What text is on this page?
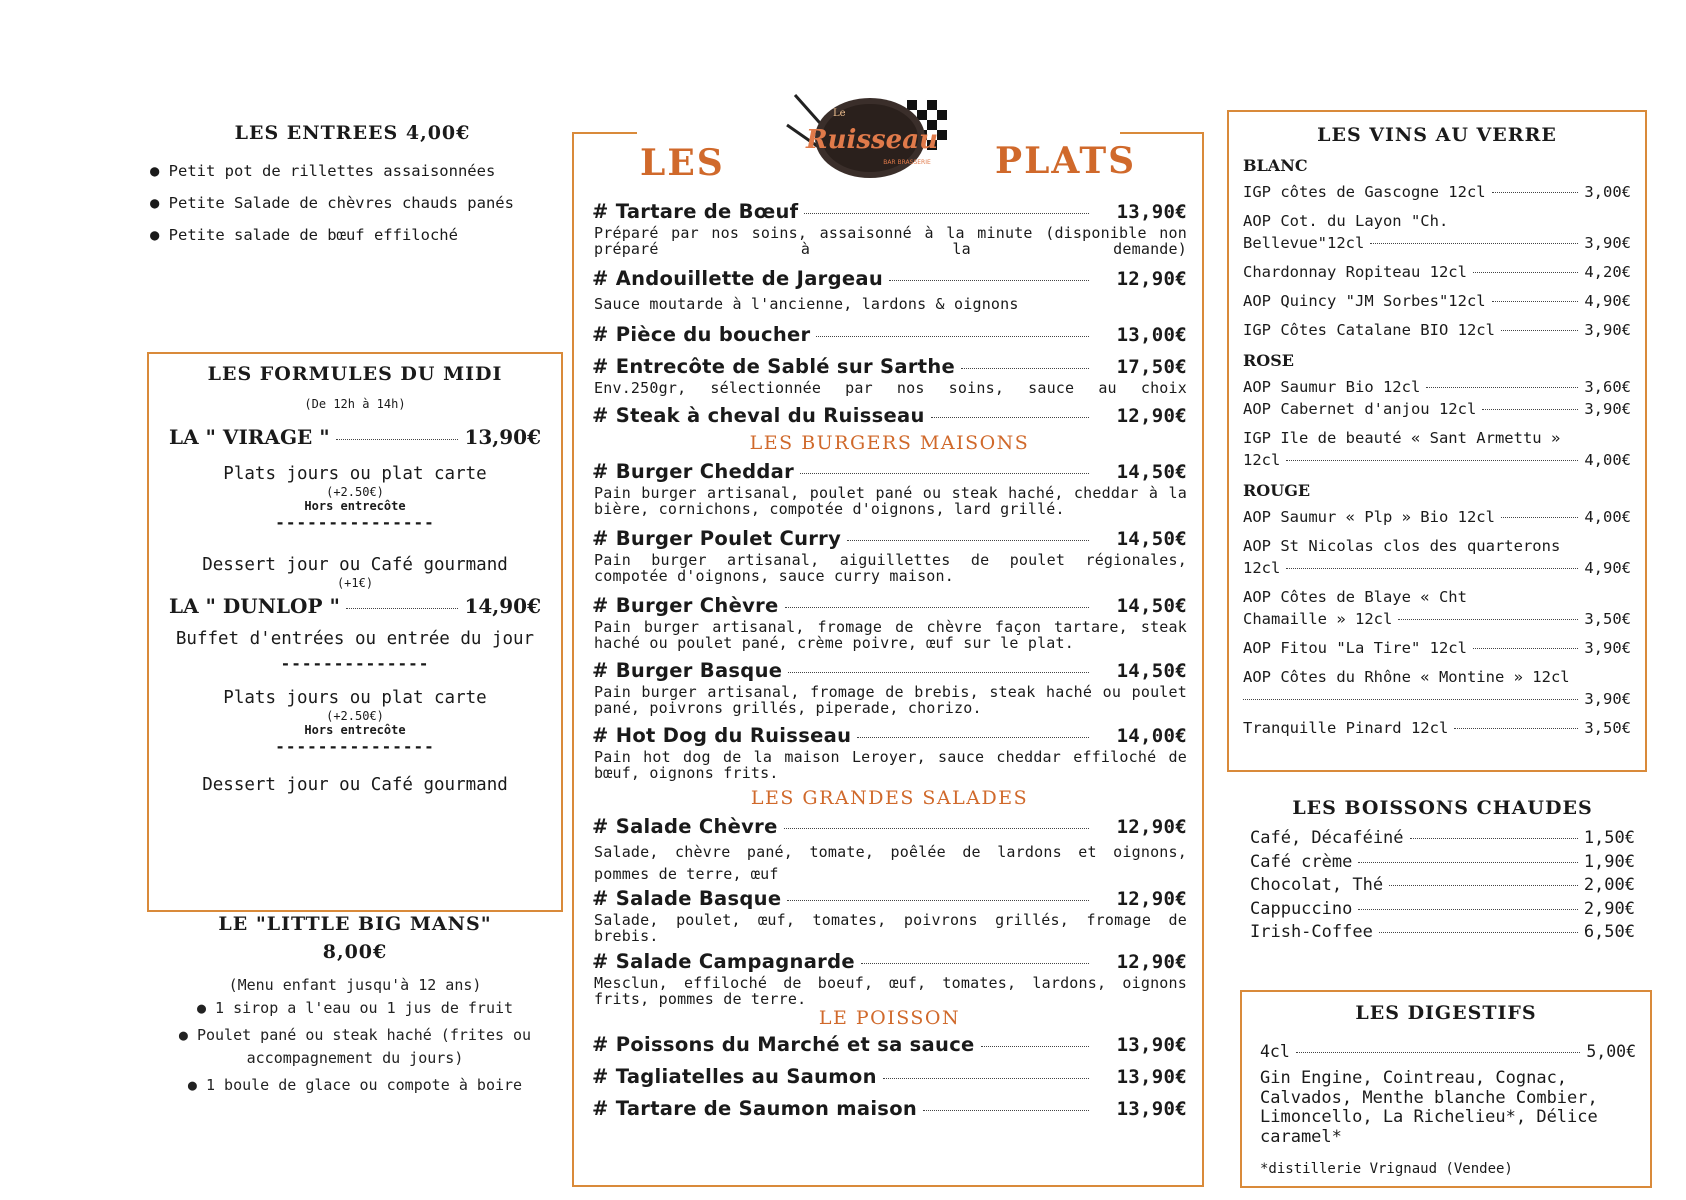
LES ENTREES 4,00€
● Petit pot de rillettes assaisonnées
● Petite Salade de chèvres chauds panés
● Petite salade de bœuf effiloché
LES FORMULES DU MIDI
(De 12h à 14h)
LA " VIRAGE "	13,90€
Plats jours ou plat carte
(+2.50€)
Hors entrecôte
---------------
Dessert jour ou Café gourmand
(+1€)
LA " DUNLOP "	14,90€
Buffet d'entrées ou entrée du jour
--------------
Plats jours ou plat carte
(+2.50€)
Hors entrecôte
---------------
Dessert jour ou Café gourmand
LE "LITTLE BIG MANS"
8,00€
(Menu enfant jusqu'à 12 ans)
● 1 sirop a l'eau ou 1 jus de fruit
● Poulet pané ou steak haché (frites ou accompagnement du jours)
● 1 boule de glace ou compote à boire
LES	PLATS
Le
Ruisseau
BAR BRASSERIE
# Tartare de Bœuf	13,90€
Préparé par nos soins, assaisonné à la minute (disponible non préparé à la demande)
# Andouillette de Jargeau	12,90€
Sauce moutarde à l'ancienne, lardons & oignons
# Pièce du boucher	13,00€
# Entrecôte de Sablé sur Sarthe	17,50€
Env.250gr, sélectionnée par nos soins, sauce au choix
# Steak à cheval du Ruisseau	12,90€
LES BURGERS MAISONS
# Burger Cheddar	14,50€
Pain burger artisanal, poulet pané ou steak haché, cheddar à la bière, cornichons, compotée d'oignons, lard grillé.
# Burger Poulet Curry	14,50€
Pain burger artisanal, aiguillettes de poulet régionales, compotée d'oignons, sauce curry maison.
# Burger Chèvre	14,50€
Pain burger artisanal, fromage de chèvre façon tartare, steak haché ou poulet pané, crème poivre, œuf sur le plat.
# Burger Basque	14,50€
Pain burger artisanal, fromage de brebis, steak haché ou poulet pané, poivrons grillés, piperade, chorizo.
# Hot Dog du Ruisseau	14,00€
Pain hot dog de la maison Leroyer, sauce cheddar effiloché de bœuf, oignons frits.
LES GRANDES SALADES
# Salade Chèvre	12,90€
Salade, chèvre pané, tomate, poêlée de lardons et oignons, pommes de terre, œuf
# Salade Basque	12,90€
Salade, poulet, œuf, tomates, poivrons grillés, fromage de brebis.
# Salade Campagnarde	12,90€
Mesclun, effiloché de boeuf, œuf, tomates, lardons, oignons frits, pommes de terre.
LE POISSON
# Poissons du Marché et sa sauce	13,90€
# Tagliatelles au Saumon	13,90€
# Tartare de Saumon maison	13,90€
LES VINS AU VERRE
BLANC
IGP côtes de Gascogne 12cl	3,00€
AOP Cot. du Layon "Ch.
Bellevue"12cl	3,90€
Chardonnay Ropiteau 12cl	4,20€
AOP Quincy "JM Sorbes"12cl	4,90€
IGP Côtes Catalane BIO 12cl	3,90€
ROSE
AOP Saumur Bio 12cl	3,60€
AOP Cabernet d'anjou 12cl	3,90€
IGP Ile de beauté « Sant Armettu »
12cl	4,00€
ROUGE
AOP Saumur « Plp » Bio 12cl	4,00€
AOP St Nicolas clos des quarterons
12cl	4,90€
AOP Côtes de Blaye « Cht
Chamaille » 12cl	3,50€
AOP Fitou "La Tire" 12cl	3,90€
AOP Côtes du Rhône « Montine » 12cl
3,90€
Tranquille Pinard 12cl	3,50€
LES BOISSONS CHAUDES
Café, Décaféiné	1,50€
Café crème	1,90€
Chocolat, Thé	2,00€
Cappuccino	2,90€
Irish-Coffee	6,50€
LES DIGESTIFS
4cl	5,00€
Gin Engine, Cointreau, Cognac, Calvados, Menthe blanche Combier, Limoncello, La Richelieu*, Délice caramel*
*distillerie Vrignaud (Vendee)
